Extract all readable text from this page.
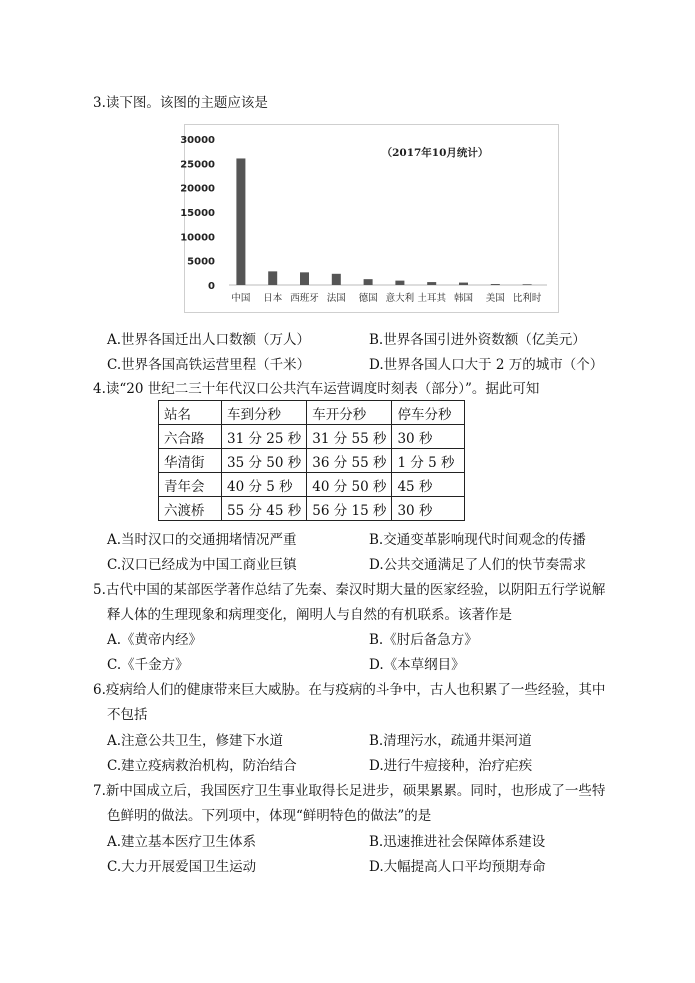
3.读下图。该图的主题应该是
30000
25000
20000
15000
10000
5000
0
中国 日本 西班牙 法国 德国 意大利 土耳其 韩国 美国 比利时
（2017年10月统计）
A.世界各国迁出人口数额（万人）	B.世界各国引进外资数额（亿美元）
C.世界各国高铁运营里程（千米）	D.世界各国人口大于 2 万的城市（个）
4.读“20 世纪二三十年代汉口公共汽车运营调度时刻表（部分）”。据此可知
站名	车到分秒	车开分秒	停车分秒
六合路	31 分 25 秒	31 分 55 秒	30 秒
华清街	35 分 50 秒	36 分 55 秒	1 分 5 秒
青年会	40 分 5 秒	40 分 50 秒	45 秒
六渡桥	55 分 45 秒	56 分 15 秒	30 秒
A.当时汉口的交通拥堵情况严重	B.交通变革影响现代时间观念的传播
C.汉口已经成为中国工商业巨镇	D.公共交通满足了人们的快节奏需求
5.古代中国的某部医学著作总结了先秦、秦汉时期大量的医家经验，以阴阳五行学说解
释人体的生理现象和病理变化，阐明人与自然的有机联系。该著作是
A.《黄帝内经》	B.《肘后备急方》
C.《千金方》	D.《本草纲目》
6.疫病给人们的健康带来巨大威胁。在与疫病的斗争中，古人也积累了一些经验，其中
不包括
A.注意公共卫生，修建下水道	B.清理污水，疏通井渠河道
C.建立疫病救治机构，防治结合	D.进行牛痘接种，治疗疟疾
7.新中国成立后，我国医疗卫生事业取得长足进步，硕果累累。同时，也形成了一些特
色鲜明的做法。下列项中，体现“鲜明特色的做法”的是
A.建立基本医疗卫生体系	B.迅速推进社会保障体系建设
C.大力开展爱国卫生运动	D.大幅提高人口平均预期寿命
